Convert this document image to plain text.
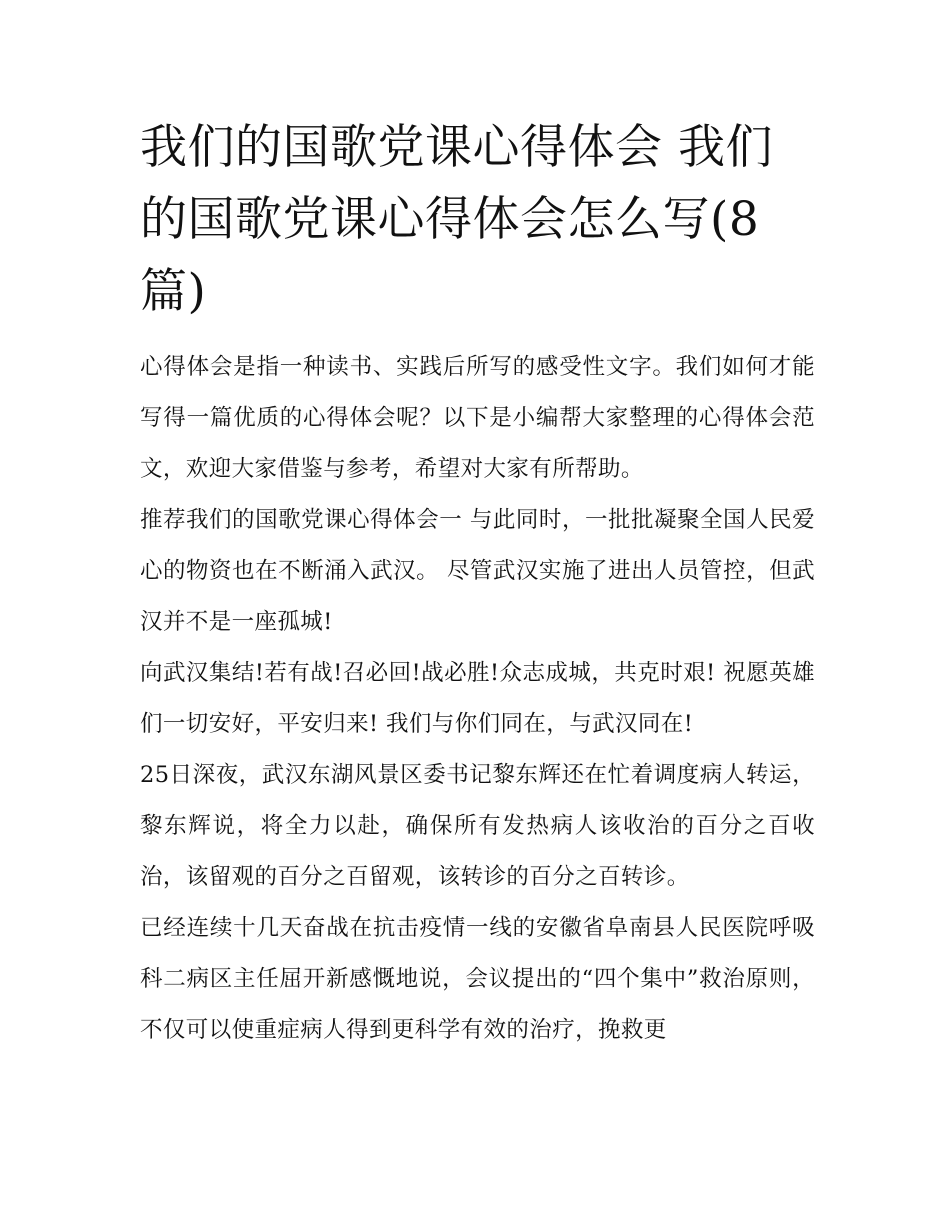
我们的国歌党课心得体会 我们的国歌党课心得体会怎么写(8篇)

心得体会是指一种读书、实践后所写的感受性文字。我们如何才能写得一篇优质的心得体会呢？以下是小编帮大家整理的心得体会范文，欢迎大家借鉴与参考，希望对大家有所帮助。

推荐我们的国歌党课心得体会一 与此同时，一批批凝聚全国人民爱心的物资也在不断涌入武汉。 尽管武汉实施了进出人员管控，但武汉并不是一座孤城!

向武汉集结!若有战!召必回!战必胜!众志成城，共克时艰! 祝愿英雄们一切安好，平安归来! 我们与你们同在，与武汉同在!

25日深夜，武汉东湖风景区委书记黎东辉还在忙着调度病人转运，黎东辉说，将全力以赴，确保所有发热病人该收治的百分之百收治，该留观的百分之百留观，该转诊的百分之百转诊。

已经连续十几天奋战在抗击疫情一线的安徽省阜南县人民医院呼吸科二病区主任屈开新感慨地说，会议提出的“四个集中”救治原则，不仅可以使重症病人得到更科学有效的治疗，挽救更
